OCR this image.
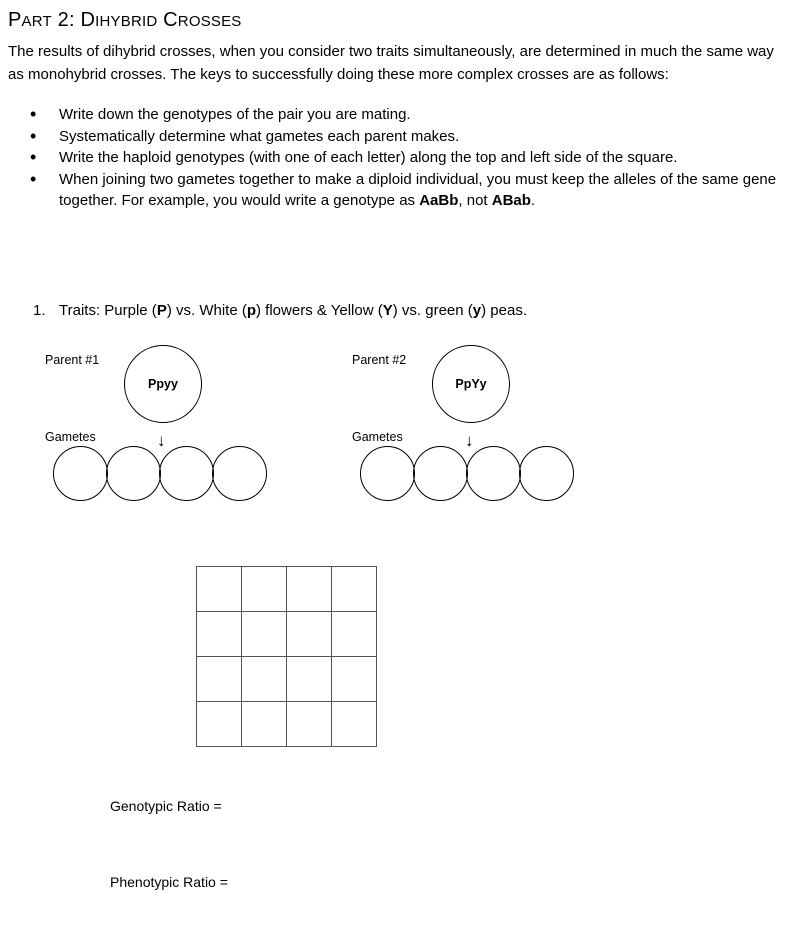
PART 2: DIHYBRID CROSSES
The results of dihybrid crosses, when you consider two traits simultaneously, are determined in much the same way as monohybrid crosses. The keys to successfully doing these more complex crosses are as follows:
• Write down the genotypes of the pair you are mating.
• Systematically determine what gametes each parent makes.
• Write the haploid genotypes (with one of each letter) along the top and left side of the square.
• When joining two gametes together to make a diploid individual, you must keep the alleles of the same gene together. For example, you would write a genotype as AaBb, not ABab.
1. Traits: Purple (P) vs. White (p) flowers & Yellow (Y) vs. green (y) peas.
Parent #1
Ppyy
Gametes	↓
Parent #2
PpYy
Gametes	↓

Genotypic Ratio =
Phenotypic Ratio =
